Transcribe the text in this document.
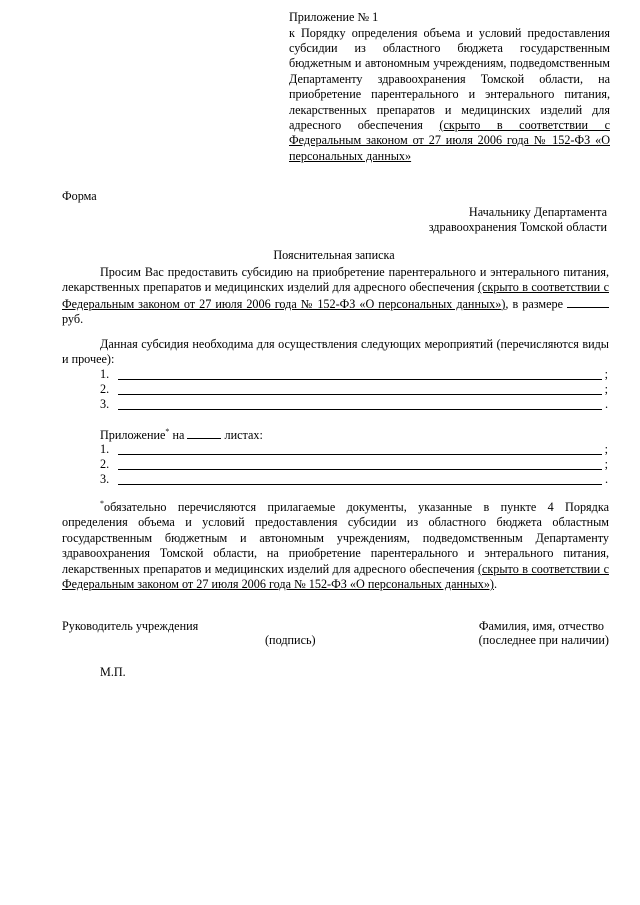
Приложение № 1
к Порядку определения объема и условий предоставления субсидии из областного бюджета государственным бюджетным и автономным учреждениям, подведомственным Департаменту здравоохранения Томской области, на приобретение парентерального и энтерального питания, лекарственных препаратов и медицинских изделий для адресного обеспечения (скрыто в соответствии с Федеральным законом от 27 июля 2006 года № 152-ФЗ «О персональных данных»
Форма
Начальнику Департамента
здравоохранения Томской области
Пояснительная записка
Просим Вас предоставить субсидию на приобретение парентерального и энтерального питания, лекарственных препаратов и медицинских изделий для адресного обеспечения (скрыто в соответствии с Федеральным законом от 27 июля 2006 года № 152-ФЗ «О персональных данных»), в размере  руб.
Данная субсидия необходима для осуществления следующих мероприятий (перечисляются виды и прочее):
1.	;
2.	;
3.	.
Приложение* на	листах:
1.	;
2.	;
3.	.
*обязательно перечисляются прилагаемые документы, указанные в пункте 4 Порядка определения объема и условий предоставления субсидии из областного бюджета областным государственным бюджетным и автономным учреждениям, подведомственным Департаменту здравоохранения Томской области, на приобретение парентерального и энтерального питания, лекарственных препаратов и медицинских изделий для адресного обеспечения (скрыто в соответствии с Федеральным законом от 27 июля 2006 года № 152-ФЗ «О персональных данных»).
Руководитель учреждения
(подпись)
Фамилия, имя, отчество
(последнее при наличии)
М.П.
